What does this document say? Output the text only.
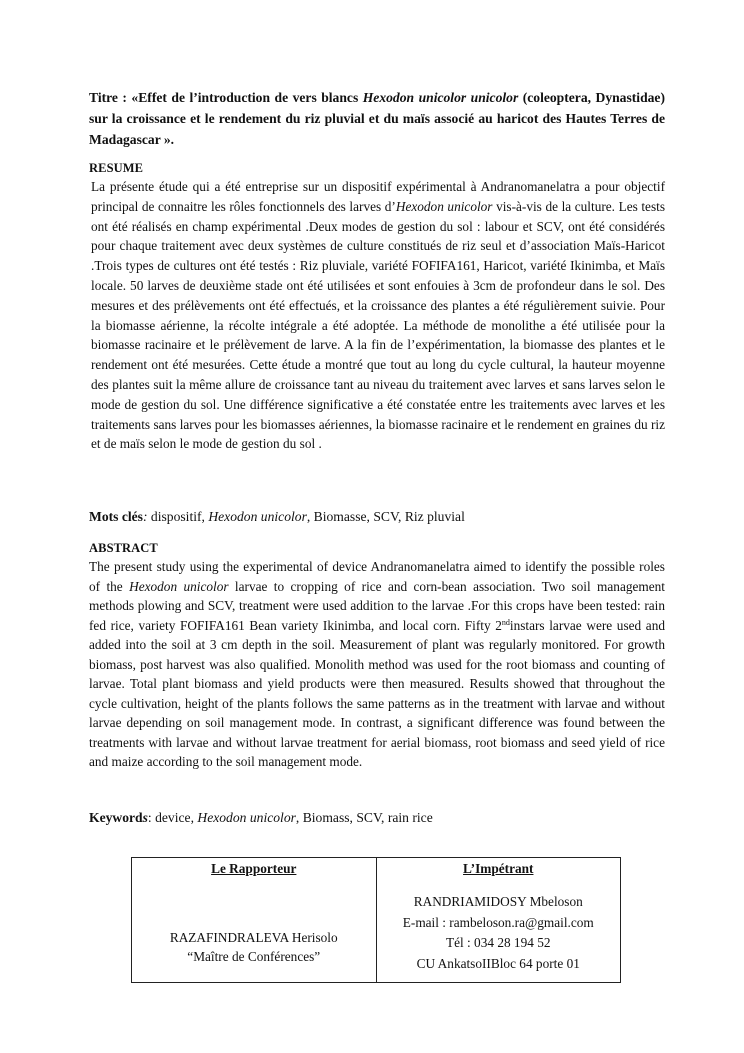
Titre : «Effet de l’introduction de vers blancs Hexodon unicolor unicolor (coleoptera, Dynastidae) sur la croissance et le rendement du riz pluvial et du maïs associé au haricot des Hautes Terres de Madagascar ».

RESUME

La présente étude qui a été entreprise sur un dispositif expérimental à Andranomanelatra a pour objectif principal de connaitre les rôles fonctionnels des larves d’Hexodon unicolor vis-à-vis de la culture. Les tests ont été réalisés en champ expérimental .Deux modes de gestion du sol : labour et SCV, ont été considérés pour chaque traitement avec deux systèmes de culture constitués de riz seul et d’association Maïs-Haricot .Trois types de cultures ont été testés : Riz pluviale, variété FOFIFA161, Haricot, variété Ikinimba, et Maïs locale. 50 larves de deuxième stade ont été utilisées et sont enfouies à 3cm de profondeur dans le sol. Des mesures et des prélèvements ont été effectués, et la croissance des plantes a été régulièrement suivie. Pour la biomasse aérienne, la récolte intégrale a été adoptée. La méthode de monolithe a été utilisée pour la biomasse racinaire et le prélèvement de larve. A la fin de l’expérimentation, la biomasse des plantes et le rendement ont été mesurées. Cette étude a montré que tout au long du cycle cultural, la hauteur moyenne des plantes suit la même allure de croissance tant au niveau du traitement avec larves et sans larves selon le mode de gestion du sol. Une différence significative a été constatée entre les traitements avec larves et les traitements sans larves pour les biomasses aériennes, la biomasse racinaire et le rendement en graines du riz et de maïs selon le mode de gestion du sol .

Mots clés: dispositif, Hexodon unicolor, Biomasse, SCV, Riz pluvial

ABSTRACT

The present study using the experimental of device Andranomanelatra aimed to identify the possible roles of the Hexodon unicolor larvae to cropping of rice and corn-bean association. Two soil management methods plowing and SCV, treatment were used addition to the larvae .For this crops have been tested: rain fed rice, variety FOFIFA161 Bean variety Ikinimba, and local corn. Fifty 2ndinstars larvae were used and added into the soil at 3 cm depth in the soil. Measurement of plant was regularly monitored. For growth biomass, post harvest was also qualified. Monolith method was used for the root biomass and counting of larvae. Total plant biomass and yield products were then measured. Results showed that throughout the cycle cultivation, height of the plants follows the same patterns as in the treatment with larvae and without larvae depending on soil management mode. In contrast, a significant difference was found between the treatments with larvae and without larvae treatment for aerial biomass, root biomass and seed yield of rice and maize according to the soil management mode.

Keywords: device, Hexodon unicolor, Biomass, SCV, rain rice

Le Rapporteur
RAZAFINDRALEVA Herisolo
“Maître de Conférences”
L’Impétrant
RANDRIAMIDOSY Mbeloson
E-mail : rambeloson.ra@gmail.com
Tél : 034 28 194 52
CU AnkatsoIIBloc 64 porte 01
